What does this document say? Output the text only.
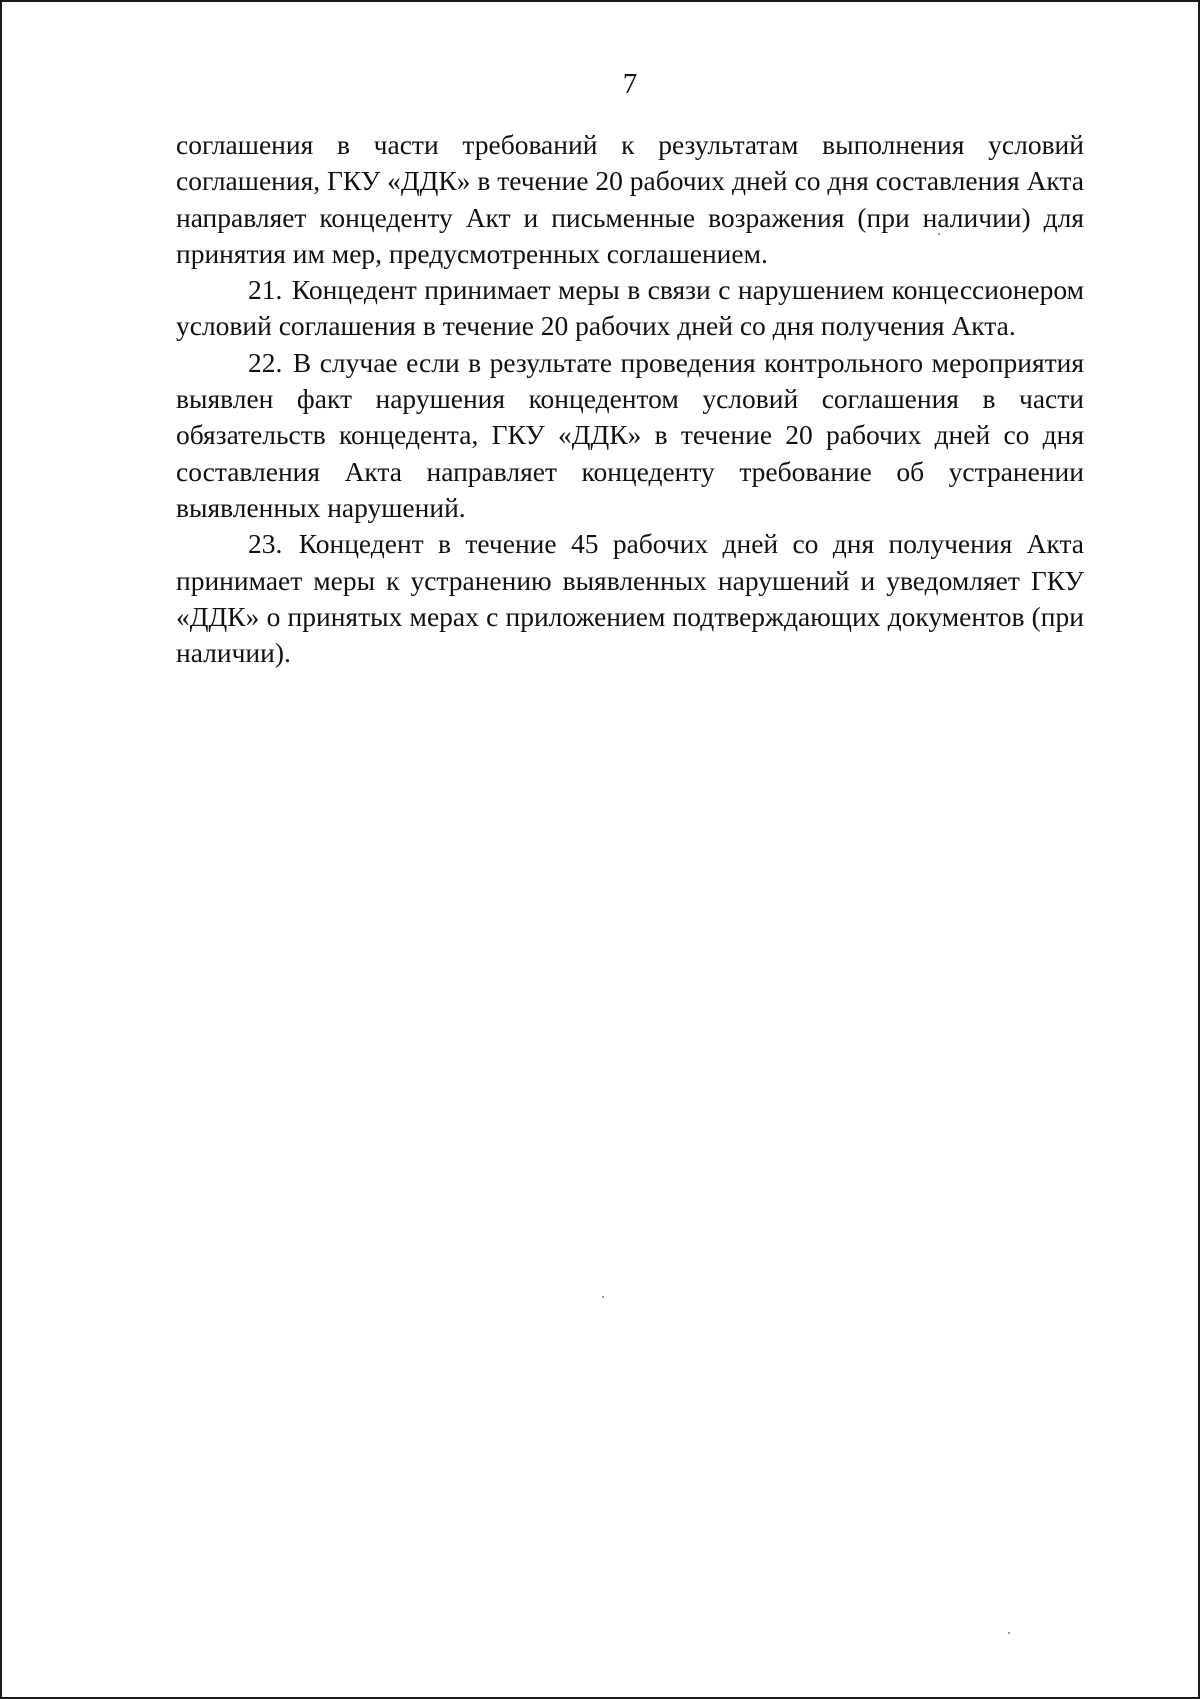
7

соглашения в части требований к результатам выполнения условий соглашения, ГКУ «ДДК» в течение 20 рабочих дней со дня составления Акта направляет концеденту Акт и письменные возражения (при наличии) для принятия им мер, предусмотренных соглашением.

21. Концедент принимает меры в связи с нарушением концессионером условий соглашения в течение 20 рабочих дней со дня получения Акта.

22. В случае если в результате проведения контрольного мероприятия выявлен факт нарушения концедентом условий соглашения в части обязательств концедента, ГКУ «ДДК» в течение 20 рабочих дней со дня составления Акта направляет концеденту требование об устранении выявленных нарушений.

23. Концедент в течение 45 рабочих дней со дня получения Акта принимает меры к устранению выявленных нарушений и уведомляет ГКУ «ДДК» о принятых мерах с приложением подтверждающих документов (при наличии).
